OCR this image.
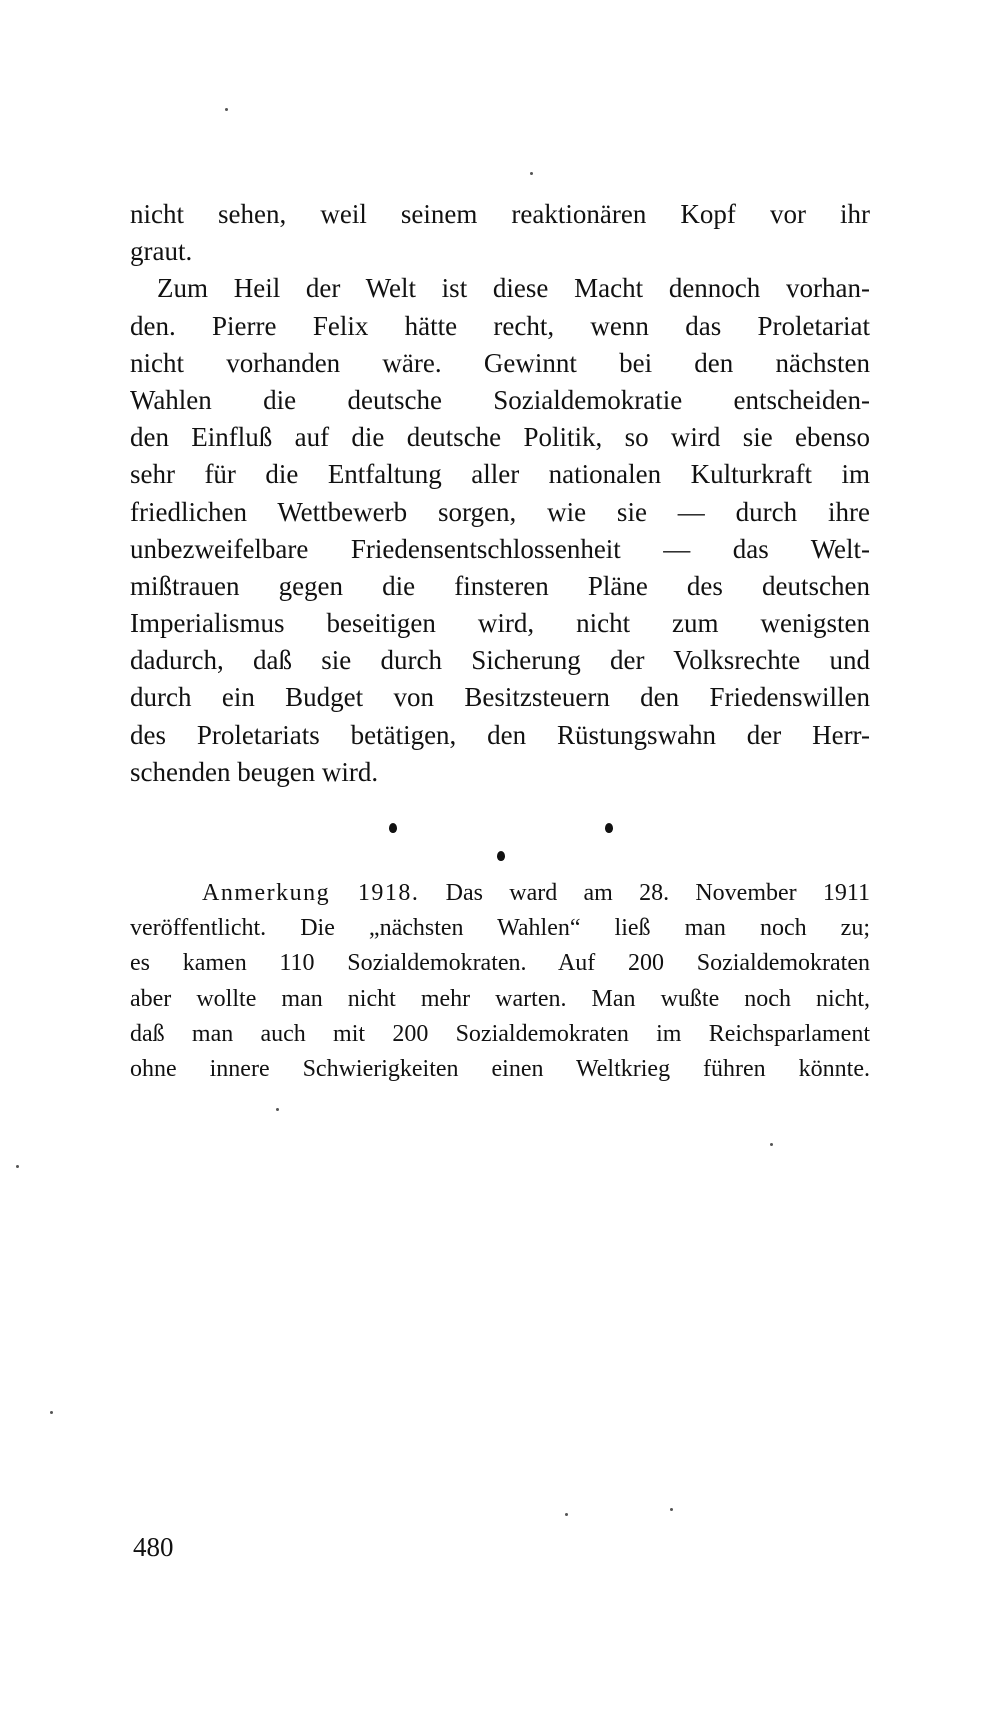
nicht sehen, weil seinem reaktionären Kopf vor ihr
graut.
Zum Heil der Welt ist diese Macht dennoch vorhan-
den. Pierre Felix hätte recht, wenn das Proletariat
nicht vorhanden wäre. Gewinnt bei den nächsten
Wahlen die deutsche Sozialdemokratie entscheiden-
den Einfluß auf die deutsche Politik, so wird sie ebenso
sehr für die Entfaltung aller nationalen Kulturkraft im
friedlichen Wettbewerb sorgen, wie sie — durch ihre
unbezweifelbare Friedensentschlossenheit — das Welt-
mißtrauen gegen die finsteren Pläne des deutschen
Imperialismus beseitigen wird, nicht zum wenigsten
dadurch, daß sie durch Sicherung der Volksrechte und
durch ein Budget von Besitzsteuern den Friedenswillen
des Proletariats betätigen, den Rüstungswahn der Herr-
schenden beugen wird.
Anmerkung 1918. Das ward am 28. November 1911
veröffentlicht. Die „nächsten Wahlen“ ließ man noch zu;
es kamen 110 Sozialdemokraten. Auf 200 Sozialdemokraten
aber wollte man nicht mehr warten. Man wußte noch nicht,
daß man auch mit 200 Sozialdemokraten im Reichsparlament
ohne innere Schwierigkeiten einen Weltkrieg führen könnte.
480
